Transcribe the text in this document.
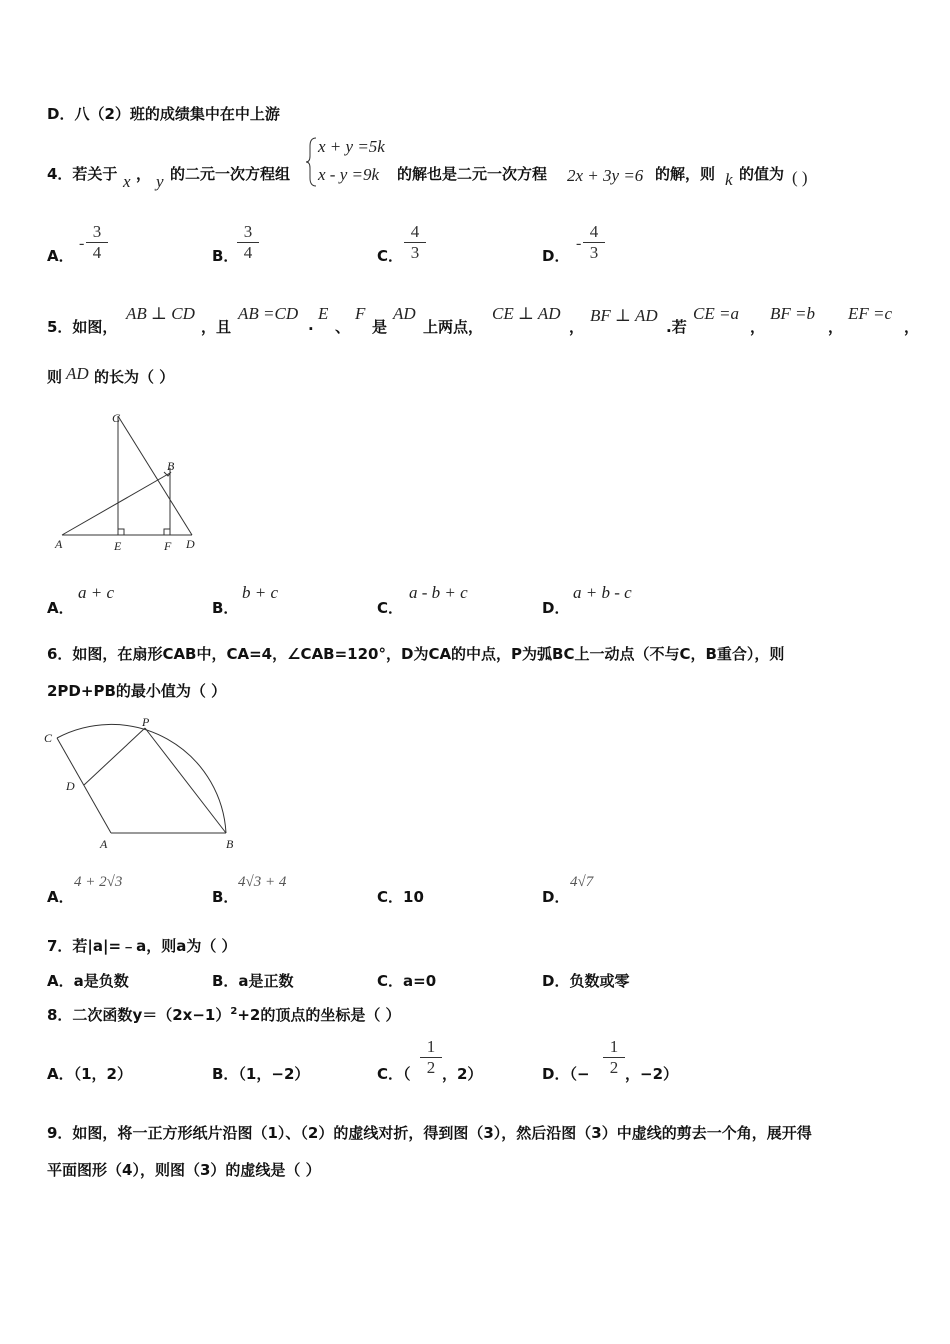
D．八（2）班的成绩集中在中上游
4．若关于 x ， y 的二元一次方程组
x + y =5k
x - y =9k 的解也是二元一次方程 2x + 3y =6 的解，则 k 的值为 ( )
A．
- $\frac{3}{4}$	B．
$\frac{3}{4}$	C． $\frac{4}{3}$	D．
- $\frac{4}{3}$
5．如图，
AB ⊥ CD
，且
AB =CD
.
E
、
F
是
AD
上两点，
CE ⊥ AD
，
BF ⊥ AD
.若
CE =a
，
BF =b
，
EF =c
，
则 AD 的长为（ ）
C
B
A	E	F D
A．
a + c
B．
b + c
C．
a - b + c
D．
a + b - c
6．如图，在扇形CAB中，CA=4，∠CAB=120°，D为CA的中点，P为弧BC上一动点（不与C，B重合），则
2PD+PB的最小值为（ ）
C
P
D
A	B
A．
4 + 2√3
B．
4√3 + 4
C．10	D．
4√7
7．若|a|=﹣a，则a为（ ）
A．a是负数	B．a是正数	C．a=0	D．负数或零
8．二次函数$y=(2x-1)^2+2$的顶点的坐标是（ ）
A．（1，2）	B．（1，−2）	C．（ $\frac{1}{2}$ ，2）	D．（− $\frac{1}{2}$ ，−2）
9．如图，将一正方形纸片沿图（1）、（2）的虚线对折，得到图（3），然后沿图（3）中虚线的剪去一个角，展开得
平面图形（4），则图（3）的虚线是（ ）
